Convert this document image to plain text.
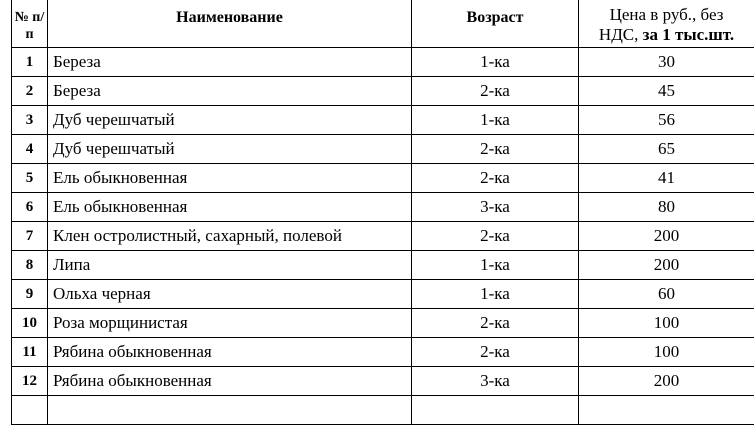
№ п/п	Наименование	Возраст	Цена в руб., без
НДС, за 1 тыс.шт.
1	Береза	1-ка	30
2	Береза	2-ка	45
3	Дуб черешчатый	1-ка	56
4	Дуб черешчатый	2-ка	65
5	Ель обыкновенная	2-ка	41
6	Ель обыкновенная	3-ка	80
7	Клен остролистный, сахарный, полевой	2-ка	200
8	Липа	1-ка	200
9	Ольха черная	1-ка	60
10	Роза морщинистая	2-ка	100
11	Рябина обыкновенная	2-ка	100
12	Рябина обыкновенная	3-ка	200
